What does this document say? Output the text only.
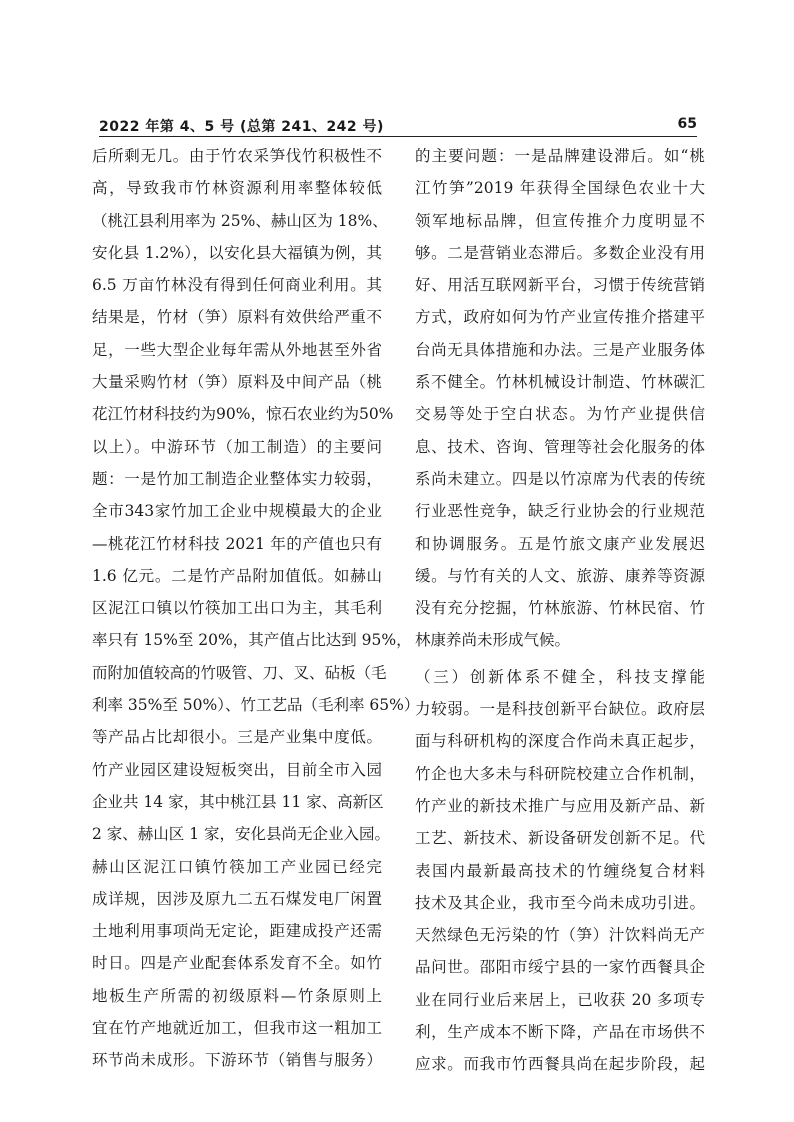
2022 年第 4、5 号 (总第 241、242 号)	65
后所剩无几。由于竹农采笋伐竹积极性不
高，导致我市竹林资源利用率整体较低
（桃江县利用率为 25%、赫山区为 18%、
安化县 1.2%），以安化县大福镇为例，其
6.5 万亩竹林没有得到任何商业利用。其
结果是，竹材（笋）原料有效供给严重不
足，一些大型企业每年需从外地甚至外省
大量采购竹材（笋）原料及中间产品（桃
花江竹材科技约为90%，惊石农业约为50%
以上）。中游环节（加工制造）的主要问
题：一是竹加工制造企业整体实力较弱，
全市343家竹加工企业中规模最大的企业
—桃花江竹材科技 2021 年的产值也只有
1.6 亿元。二是竹产品附加值低。如赫山
区泥江口镇以竹筷加工出口为主，其毛利
率只有 15%至 20%，其产值占比达到 95%，
而附加值较高的竹吸管、刀、叉、砧板（毛
利率 35%至 50%）、竹工艺品（毛利率 65%）
等产品占比却很小。三是产业集中度低。
竹产业园区建设短板突出，目前全市入园
企业共 14 家，其中桃江县 11 家、高新区
2 家、赫山区 1 家，安化县尚无企业入园。
赫山区泥江口镇竹筷加工产业园已经完
成详规，因涉及原九二五石煤发电厂闲置
土地利用事项尚无定论，距建成投产还需
时日。四是产业配套体系发育不全。如竹
地板生产所需的初级原料—竹条原则上
宜在竹产地就近加工，但我市这一粗加工
环节尚未成形。下游环节（销售与服务）
的主要问题：一是品牌建设滞后。如“桃
江竹笋”2019 年获得全国绿色农业十大
领军地标品牌，但宣传推介力度明显不
够。二是营销业态滞后。多数企业没有用
好、用活互联网新平台，习惯于传统营销
方式，政府如何为竹产业宣传推介搭建平
台尚无具体措施和办法。三是产业服务体
系不健全。竹林机械设计制造、竹林碳汇
交易等处于空白状态。为竹产业提供信
息、技术、咨询、管理等社会化服务的体
系尚未建立。四是以竹凉席为代表的传统
行业恶性竞争，缺乏行业协会的行业规范
和协调服务。五是竹旅文康产业发展迟
缓。与竹有关的人文、旅游、康养等资源
没有充分挖掘，竹林旅游、竹林民宿、竹
林康养尚未形成气候。
（三）创新体系不健全，科技支撑能
力较弱。一是科技创新平台缺位。政府层
面与科研机构的深度合作尚未真正起步，
竹企也大多未与科研院校建立合作机制，
竹产业的新技术推广与应用及新产品、新
工艺、新技术、新设备研发创新不足。代
表国内最新最高技术的竹缠绕复合材料
技术及其企业，我市至今尚未成功引进。
天然绿色无污染的竹（笋）汁饮料尚无产
品问世。邵阳市绥宁县的一家竹西餐具企
业在同行业后来居上，已收获 20 多项专
利，生产成本不断下降，产品在市场供不
应求。而我市竹西餐具尚在起步阶段，起
